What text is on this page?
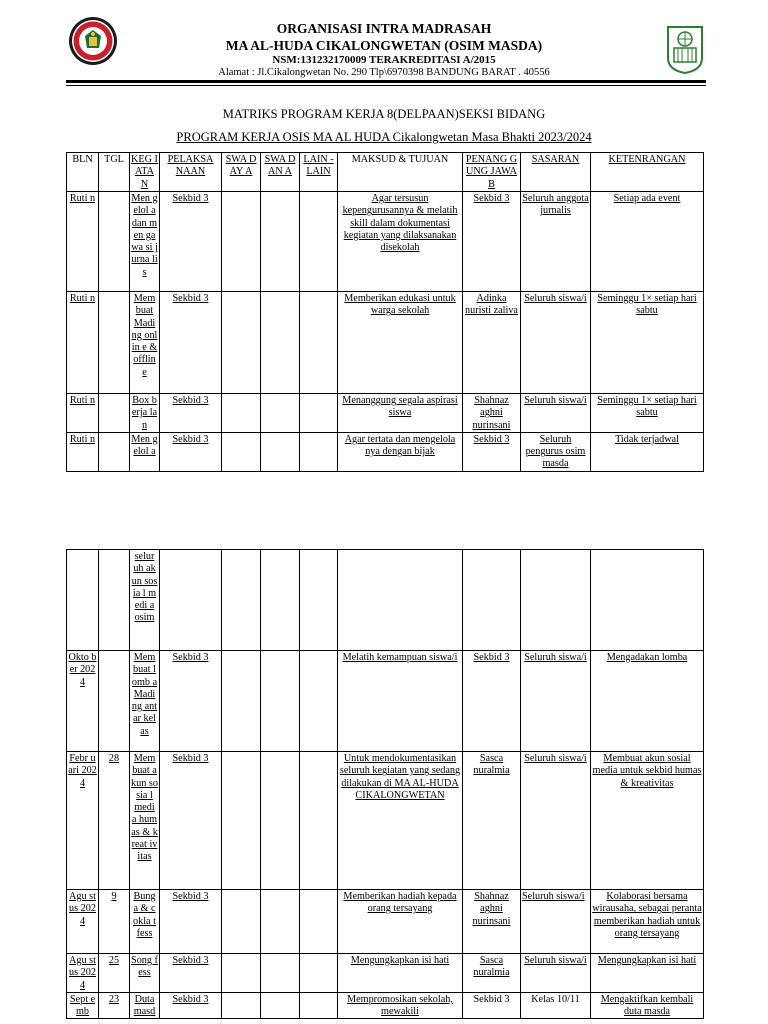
ORGANISASI INTRA MADRASAH
MA AL-HUDA CIKALONGWETAN (OSIM MASDA)
NSM:131232170009 TERAKREDITASI A/2015
Alamat : Jl.Cikalongwetan No. 290 Tlp\6970398 BANDUNG BARAT . 40556
MATRIKS PROGRAM KERJA 8(DELPAAN)SEKSI BIDANG
PROGRAM KERJA OSIS MA AL HUDA Cikalongwetan Masa Bhakti 2023/2024
BLN	TGL	KEG IATA N	PELAKSA NAAN	SWA DAY A	SWA DAN A	LAIN - LAIN	MAKSUD & TUJUAN	PENANG GUNG JAWAB	SASARAN	KETENRANGAN
Ruti n		Men gelol a dan men gawa si jurna lis	Sekbid 3				Agar tersusun kepengurusannya & melatih skill dalam dokumentasi kegiatan yang dilaksanakan disekolah	Sekbid 3	Seluruh anggota jurnalis	Setiap ada event
Ruti n		Mem buat Madi ng onlin e & offlin e	Sekbid 3				Memberikan edukasi untuk warga sekolah	Adinka nuristi zaliva	Seluruh siswa/i	Seminggu 1× setiap hari sabtu
Ruti n		Box berja lan	Sekbid 3				Menanggung segala aspirasi siswa	Shahnaz aghni nurinsani	Seluruh siswa/i	Seminggu 1× setiap hari sabtu
Ruti n		Men gelol a	Sekbid 3				Agar tertata dan mengelola nya dengan bijak	Sekbid 3	Seluruh pengurus osim masda	Tidak terjadwal
		selur uh akun sosia l medi a osim								
Okto ber 2024		Mem buat lomb a Madi ng antar kelas	Sekbid 3				Melatih kemampuan siswa/i	Sekbid 3	Seluruh siswa/i	Mengadakan lomba
Febr uari 2024	28	Mem buat akun sosia l medi a hum as & kreat ivitas	Sekbid 3				Untuk mendokumentasikan seluruh kegiatan yang sedang dilakukan di MA AL-HUDA CIKALONGWETAN	Sasca nuralmia	Seluruh siswa/i	Membuat akun sosial media untuk sekbid humas & kreativitas
Agu stus 2024	9	Bung a & cokla t fess	Sekbid 3				Memberikan hadiah kepada orang tersayang	Shahnaz aghni nurinsani	Seluruh siswa/i	Kolaborasi bersama wirausaha, sebagai peranta memberikan hadiah untuk orang tersayang
Agu stus 2024	25	Song fess	Sekbid 3				Mengungkapkan isi hati	Sasca nuralmia	Seluruh siswa/i	Mengungkapkan isi hati
Sept emb	23	Duta masd	Sekbid 3				Mempromosikan sekolah, mewakili	Sekbid 3	Kelas 10/11	Mengaktifkan kembali duta masda
